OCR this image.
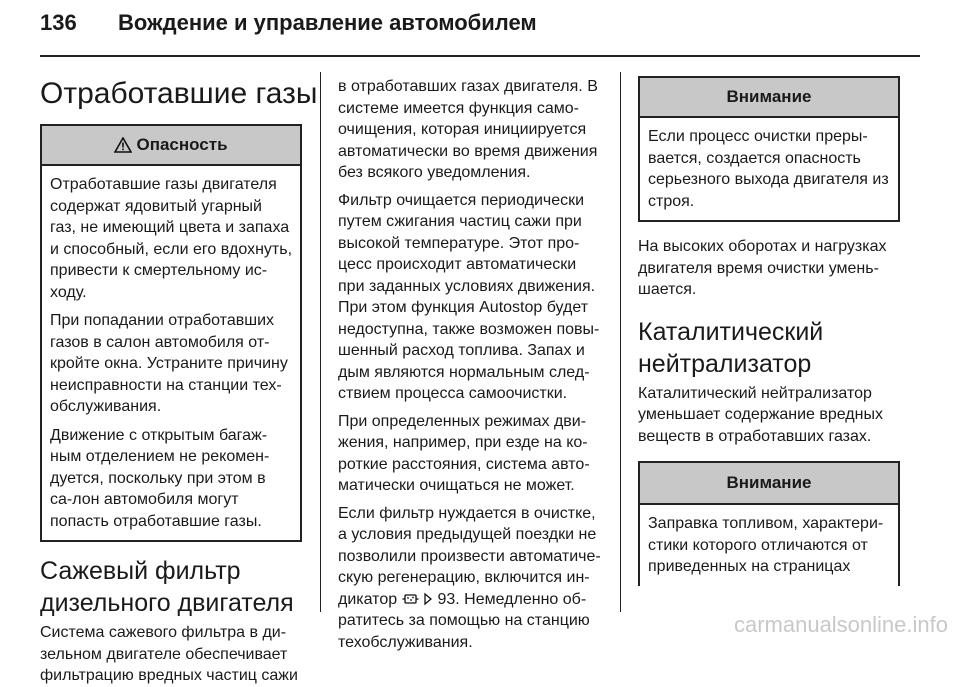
136 Вождение и управление автомобилем
Отработавшие газы
Опасность

Отработавшие газы двигателя содержат ядовитый угарный газ, не имеющий цвета и запаха и способный, если его вдохнуть, привести к смертельному ис-ходу.

При попадании отработавших газов в салон автомобиля от-кройте окна. Устраните причину неисправности на станции тех-обслуживания.

Движение с открытым багаж-ным отделением не рекомен-дуется, поскольку при этом в са-лон автомобиля могут попасть отработавшие газы.

Сажевый фильтр
дизельного двигателя

Система сажевого фильтра в ди-зельном двигателе обеспечивает фильтрацию вредных частиц сажи

в отработавших газах двигателя. В системе имеется функция само-очищения, которая инициируется автоматически во время движения без всякого уведомления.

Фильтр очищается периодически путем сжигания частиц сажи при высокой температуре. Этот про-цесс происходит автоматически при заданных условиях движения. При этом функция Autostop будет недоступна, также возможен повы-шенный расход топлива. Запах и дым являются нормальным след-ствием процесса самоочистки.

При определенных режимах дви-жения, например, при езде на ко-роткие расстояния, система авто-матически очищаться не может.

Если фильтр нуждается в очистке, а условия предыдущей поездки не позволили произвести автоматиче-скую регенерацию, включится ин-дикатор	93. Немедленно об-ратитесь за помощью на станцию техобслуживания.

Внимание

Если процесс очистки преры-вается, создается опасность серьезного выхода двигателя из строя.

На высоких оборотах и нагрузках двигателя время очистки умень-шается.

Каталитический
нейтрализатор

Каталитический нейтрализатор уменьшает содержание вредных веществ в отработавших газах.

Внимание

Заправка топливом, характери-стики которого отличаются от приведенных на страницах

carmanualsonline.info
